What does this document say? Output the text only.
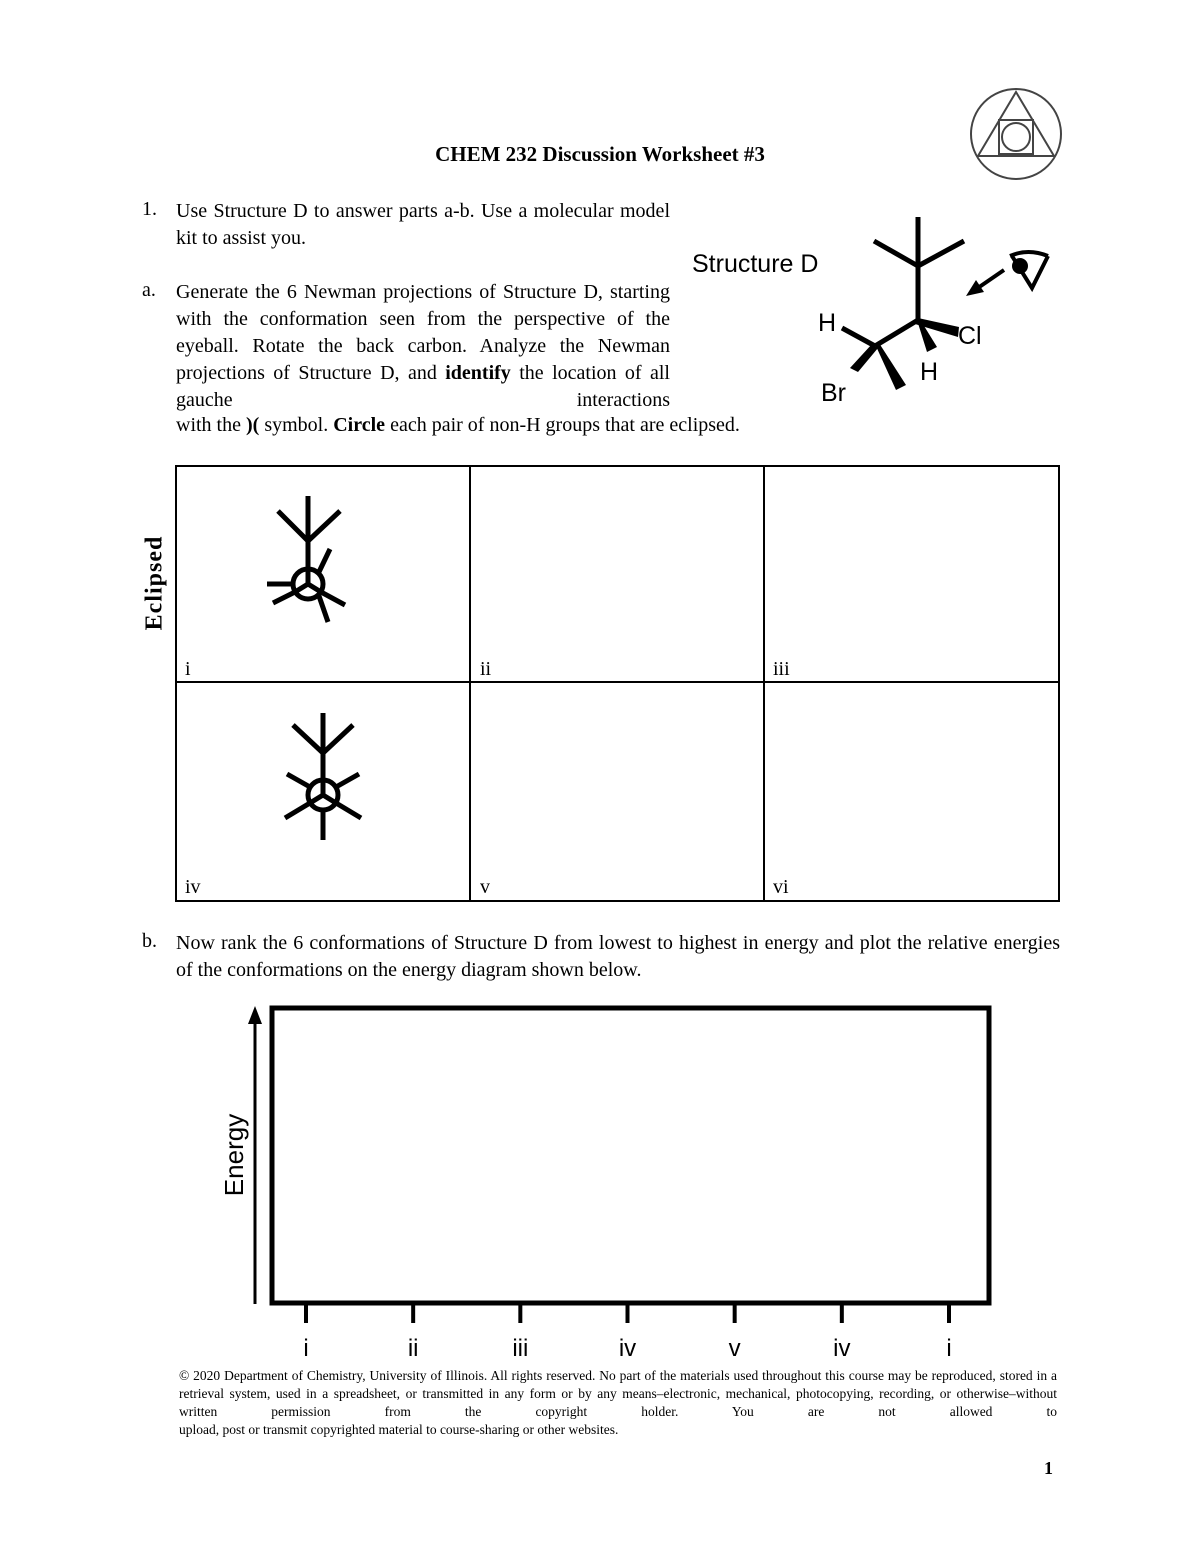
CHEM 232 Discussion Worksheet #3
1. Use Structure D to answer parts a-b. Use a molecular model kit to assist you.
a. Generate the 6 Newman projections of Structure D, starting with the conformation seen from the perspective of the eyeball. Rotate the back carbon. Analyze the Newman projections of Structure D, and identify the location of all gauche interactions
with the )( symbol. Circle each pair of non-H groups that are eclipsed.
Structure D
H	Cl
H
Br
i	ii	iii
iv	v	vi
Eclipsed
b. Now rank the 6 conformations of Structure D from lowest to highest in energy and plot the relative energies of the conformations on the energy diagram shown below.
Energy
i	ii	iii	iv	v	iv	i
© 2020 Department of Chemistry, University of Illinois. All rights reserved. No part of the materials used throughout this course may be reproduced, stored in a retrieval system, used in a spreadsheet, or transmitted in any form or by any means–electronic, mechanical, photocopying, recording, or otherwise–without written permission from the copyright holder. You are not allowed to
upload, post or transmit copyrighted material to course-sharing or other websites.
1
